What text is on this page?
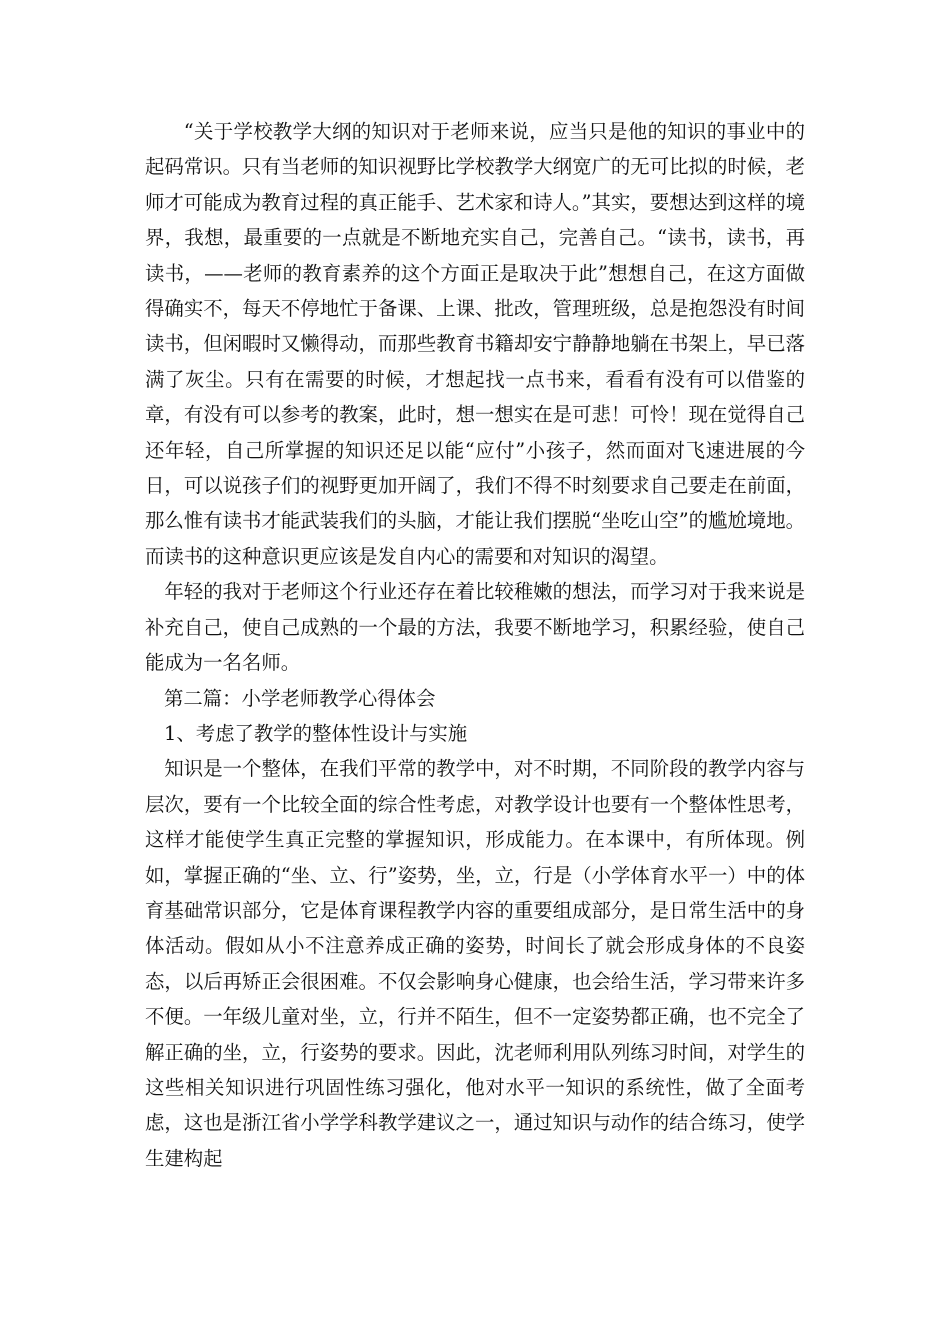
“关于学校教学大纲的知识对于老师来说，应当只是他的知识的事业中的起码常识。只有当老师的知识视野比学校教学大纲宽广的无可比拟的时候，老师才可能成为教育过程的真正能手、艺术家和诗人。”其实，要想达到这样的境界，我想，最重要的一点就是不断地充实自己，完善自己。“读书，读书，再读书，——老师的教育素养的这个方面正是取决于此”想想自己，在这方面做得确实不，每天不停地忙于备课、上课、批改，管理班级，总是抱怨没有时间读书，但闲暇时又懒得动，而那些教育书籍却安宁静静地躺在书架上，早已落满了灰尘。只有在需要的时候，才想起找一点书来，看看有没有可以借鉴的章，有没有可以参考的教案，此时，想一想实在是可悲！可怜！现在觉得自己还年轻，自己所掌握的知识还足以能“应付”小孩子，然而面对飞速进展的今日，可以说孩子们的视野更加开阔了，我们不得不时刻要求自己要走在前面，那么惟有读书才能武装我们的头脑，才能让我们摆脱“坐吃山空”的尴尬境地。而读书的这种意识更应该是发自内心的需要和对知识的渴望。

年轻的我对于老师这个行业还存在着比较稚嫩的想法，而学习对于我来说是补充自己，使自己成熟的一个最的方法，我要不断地学习，积累经验，使自己能成为一名名师。

第二篇：小学老师教学心得体会

1、考虑了教学的整体性设计与实施

知识是一个整体，在我们平常的教学中，对不时期，不同阶段的教学内容与层次，要有一个比较全面的综合性考虑，对教学设计也要有一个整体性思考，这样才能使学生真正完整的掌握知识，形成能力。在本课中，有所体现。例如，掌握正确的“坐、立、行”姿势，坐，立，行是（小学体育水平一）中的体育基础常识部分，它是体育课程教学内容的重要组成部分，是日常生活中的身体活动。假如从小不注意养成正确的姿势，时间长了就会形成身体的不良姿态，以后再矫正会很困难。不仅会影响身心健康，也会给生活，学习带来许多不便。一年级儿童对坐，立，行并不陌生，但不一定姿势都正确，也不完全了解正确的坐，立，行姿势的要求。因此，沈老师利用队列练习时间，对学生的这些相关知识进行巩固性练习强化，他对水平一知识的系统性，做了全面考虑，这也是浙江省小学学科教学建议之一，通过知识与动作的结合练习，使学生建构起
